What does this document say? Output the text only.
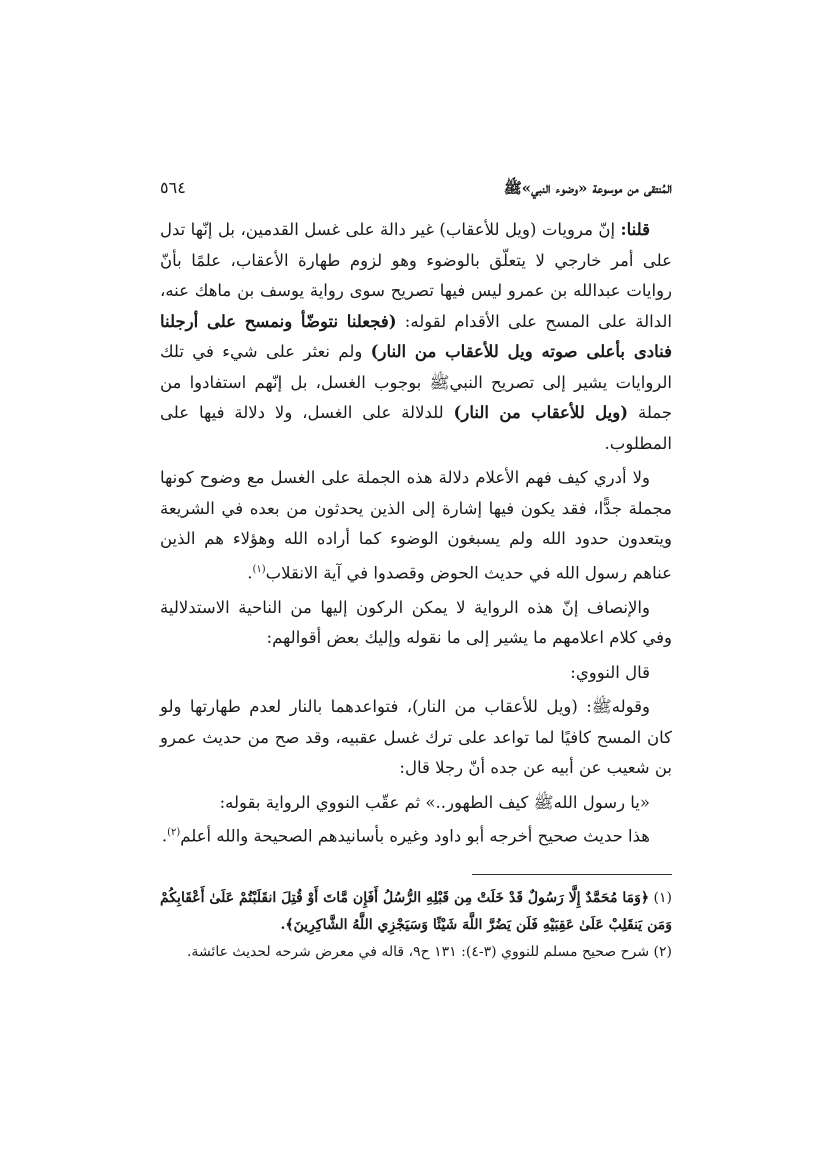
المُنتقى من موسوعة «وضوء النبي»ﷺ
٥٦٤

قلنا: إنّ مرويات (ويل للأعقاب) غير دالة على غسل القدمين، بل إنّها تدل على أمر خارجي لا يتعلّق بالوضوء وهو لزوم طهارة الأعقاب، علمًا بأنّ روايات عبدالله بن عمرو ليس فيها تصريح سوى رواية يوسف بن ماهك عنه، الدالة على المسح على الأقدام لقوله: (فجعلنا نتوضّأ ونمسح على أرجلنا فنادى بأعلى صوته ويل للأعقاب من النار) ولم نعثر على شيء في تلك الروايات يشير إلى تصريح النبيﷺ بوجوب الغسل، بل إنّهم استفادوا من جملة (ويل للأعقاب من النار) للدلالة على الغسل، ولا دلالة فيها على المطلوب.

ولا أدري كيف فهم الأعلام دلالة هذه الجملة على الغسل مع وضوح كونها مجملة جدًّا، فقد يكون فيها إشارة إلى الذين يحدثون من بعده في الشريعة ويتعدون حدود الله ولم يسبغون الوضوء كما أراده الله وهؤلاء هم الذين عناهم رسول الله في حديث الحوض وقصدوا في آية الانقلاب$^{(١)}$.

والإنصاف إنّ هذه الرواية لا يمكن الركون إليها من الناحية الاستدلالية وفي كلام اعلامهم ما يشير إلى ما نقوله وإليك بعض أقوالهم:

قال النووي:

وقولهﷺ: (ويل للأعقاب من النار)، فتواعدهما بالنار لعدم طهارتها ولو كان المسح كافيًا لما تواعد على ترك غسل عقبيه، وقد صح من حديث عمرو بن شعيب عن أبيه عن جده أنّ رجلا قال:

«يا رسول اللهﷺ كيف الطهور..» ثم عقّب النووي الرواية بقوله:

هذا حديث صحيح أخرجه أبو داود وغيره بأسانيدهم الصحيحة والله أعلم$^{(٢)}$.

(١) ﴿وَمَا مُحَمَّدٌ إِلَّا رَسُولٌ قَدْ خَلَتْ مِن قَبْلِهِ الرُّسُلُ أَفَإِن مَّاتَ أَوْ قُتِلَ انقَلَبْتُمْ عَلَىٰ أَعْقَابِكُمْ وَمَن يَنقَلِبْ عَلَىٰ عَقِبَيْهِ فَلَن يَضُرَّ اللَّهَ شَيْئًا وَسَيَجْزِي اللَّهُ الشَّاكِرِينَ﴾.

(٢) شرح صحيح مسلم للنووي (٣-٤): ١٣١ ح٩، قاله في معرض شرحه لحديث عائشة.
